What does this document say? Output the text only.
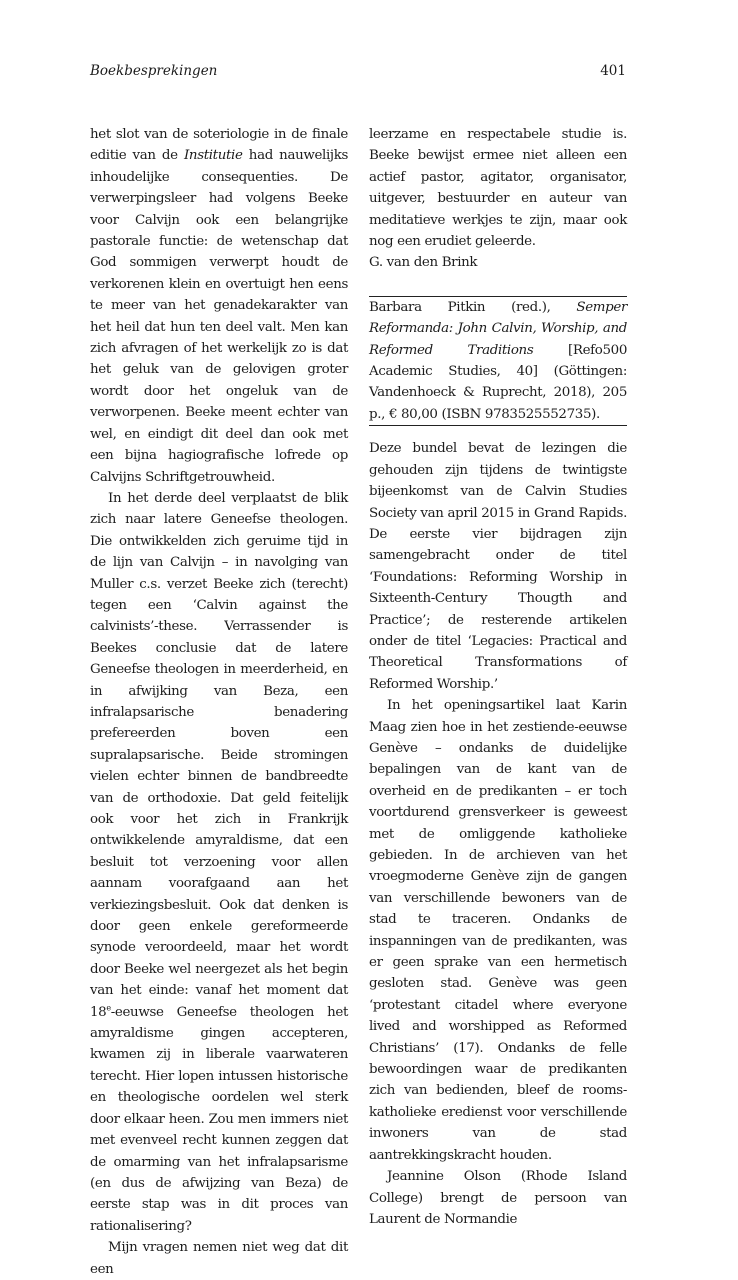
Boekbesprekingen	401

het slot van de soteriologie in de finale editie van de Institutie had nauwelijks inhoudelijke consequenties. De verwerpingsleer had volgens Beeke voor Calvijn ook een belangrijke pastorale functie: de wetenschap dat God sommigen verwerpt houdt de verkorenen klein en overtuigt hen eens te meer van het genadekarakter van het heil dat hun ten deel valt. Men kan zich afvragen of het werkelijk zo is dat het geluk van de gelovigen groter wordt door het ongeluk van de verworpenen. Beeke meent echter van wel, en eindigt dit deel dan ook met een bijna hagiografische lofrede op Calvijns Schriftgetrouwheid.

In het derde deel verplaatst de blik zich naar latere Geneefse theologen. Die ontwikkelden zich geruime tijd in de lijn van Calvijn – in navolging van Muller c.s. verzet Beeke zich (terecht) tegen een ‘Calvin against the calvinists’-these. Verrassender is Beekes conclusie dat de latere Geneefse theologen in meerderheid, en in afwijking van Beza, een infralapsarische benadering prefereerden boven een supralapsarische. Beide stromingen vielen echter binnen de bandbreedte van de orthodoxie. Dat geld feitelijk ook voor het zich in Frankrijk ontwikkelende amyraldisme, dat een besluit tot verzoening voor allen aannam voorafgaand aan het verkiezingsbesluit. Ook dat denken is door geen enkele gereformeerde synode veroordeeld, maar het wordt door Beeke wel neergezet als het begin van het einde: vanaf het moment dat 18e-eeuwse Geneefse theologen het amyraldisme gingen accepteren, kwamen zij in liberale vaarwateren terecht. Hier lopen intussen historische en theologische oordelen wel sterk door elkaar heen. Zou men immers niet met evenveel recht kunnen zeggen dat de omarming van het infralapsarisme (en dus de afwijzing van Beza) de eerste stap was in dit proces van rationalisering?

Mijn vragen nemen niet weg dat dit een

leerzame en respectabele studie is. Beeke bewijst ermee niet alleen een actief pastor, agitator, organisator, uitgever, bestuurder en auteur van meditatieve werkjes te zijn, maar ook nog een erudiet geleerde.

G. van den Brink

Barbara Pitkin (red.), Semper Reformanda: John Calvin, Worship, and Reformed Traditions [Refo500 Academic Studies, 40] (Göttingen: Vandenhoeck & Ruprecht, 2018), 205 p., € 80,00 (ISBN 9783525552735).

Deze bundel bevat de lezingen die gehouden zijn tijdens de twintigste bijeenkomst van de Calvin Studies Society van april 2015 in Grand Rapids. De eerste vier bijdragen zijn samengebracht onder de titel ‘Foundations: Reforming Worship in Sixteenth-Century Thougth and Practice’; de resterende artikelen onder de titel ‘Legacies: Practical and Theoretical Transformations of Reformed Worship.’

In het openingsartikel laat Karin Maag zien hoe in het zestiende-eeuwse Genève – ondanks de duidelijke bepalingen van de kant van de overheid en de predikanten – er toch voortdurend grensverkeer is geweest met de omliggende katholieke gebieden. In de archieven van het vroegmoderne Genève zijn de gangen van verschillende bewoners van de stad te traceren. Ondanks de inspanningen van de predikanten, was er geen sprake van een hermetisch gesloten stad. Genève was geen ‘protestant citadel where everyone lived and worshipped as Reformed Christians’ (17). Ondanks de felle bewoordingen waar de predikanten zich van bedienden, bleef de rooms-katholieke eredienst voor verschillende inwoners van de stad aantrekkingskracht houden.

Jeannine Olson (Rhode Island College) brengt de persoon van Laurent de Normandie
